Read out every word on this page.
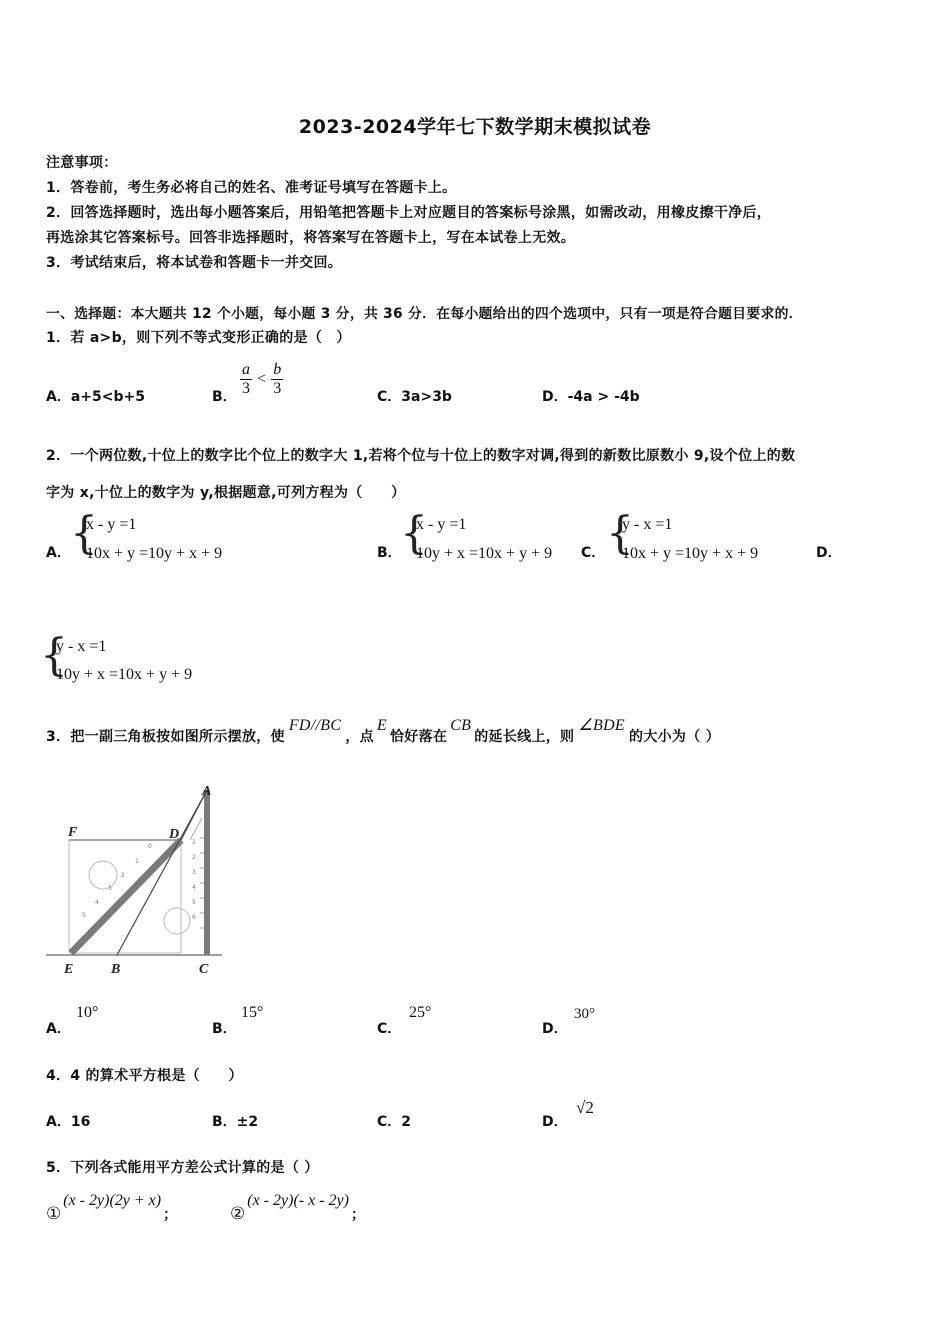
2023-2024学年七下数学期末模拟试卷
注意事项：
1．答卷前，考生务必将自己的姓名、准考证号填写在答题卡上。
2．回答选择题时，选出每小题答案后，用铅笔把答题卡上对应题目的答案标号涂黑，如需改动，用橡皮擦干净后，
再选涂其它答案标号。回答非选择题时，将答案写在答题卡上，写在本试卷上无效。
3．考试结束后，将本试卷和答题卡一并交回。
一、选择题：本大题共 12 个小题，每小题 3 分，共 36 分．在每小题给出的四个选项中，只有一项是符合题目要求的．
1．若 a>b，则下列不等式变形正确的是（　）
A．a+5<b+5	B． $\frac{a}{3} < \frac{b}{3}$	C．3a>3b	D．-4a > -4b
2．一个两位数,十位上的数字比个位上的数字大 1,若将个位与十位上的数字对调,得到的新数比原数小 9,设个位上的数
字为 x,十位上的数字为 y,根据题意,可列方程为（　　）
A． {
x - y =1
10x + y =10y + x + 9	B．
{
x - y =1
10y + x =10x + y + 9 C． {
y - x =1
10x + y =10y + x + 9	D．
{
y - x =1
10y + x =10x + y + 9
3．把一副三角板按如图所示摆放，使FD//BC，点E恰好落在CB的延长线上，则∠BDE的大小为（ ）
0
1
2
3
4
5
1
2
3
4
5
6
A
F	D
E	B	C
A．
10°
B．
15°
C．
25°
D．
30°
4．4 的算术平方根是（　　）
A．16	B．±2	C．2	D．
√2
5．下列各式能用平方差公式计算的是（ ）
①(x - 2y)(2y + x)；	②(x - 2y)(- x - 2y)；
